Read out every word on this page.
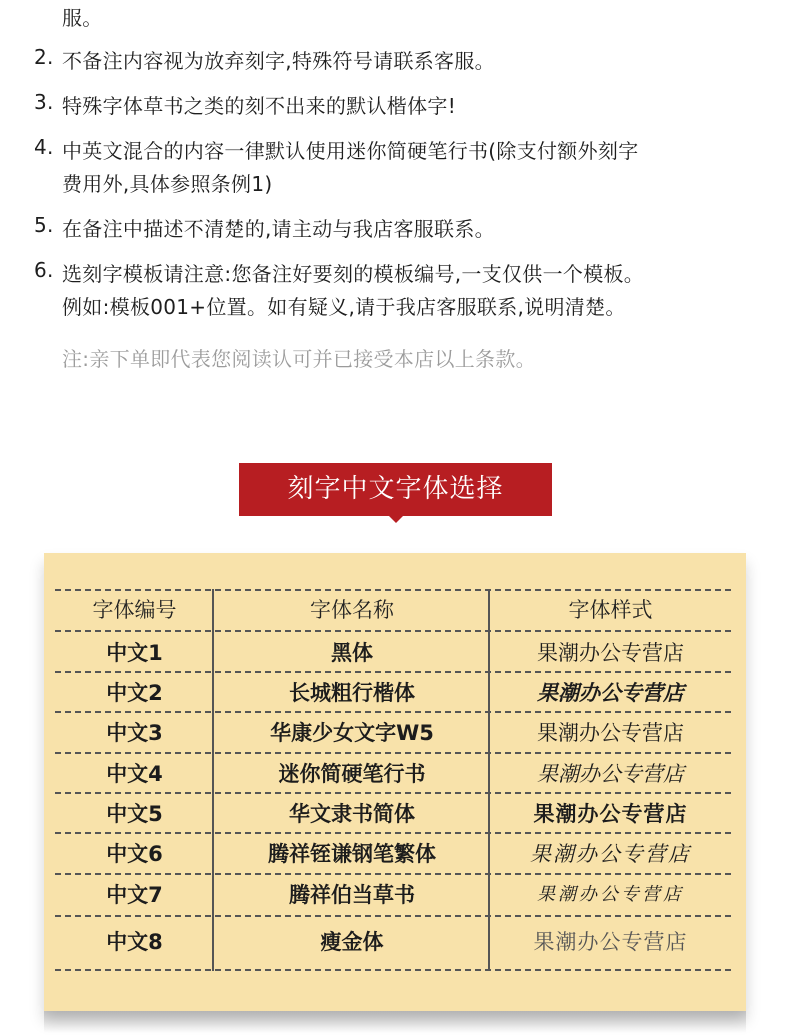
服。
2. 不备注内容视为放弃刻字,特殊符号请联系客服。
3. 特殊字体草书之类的刻不出来的默认楷体字!
4. 中英文混合的内容一律默认使用迷你简硬笔行书(除支付额外刻字
费用外,具体参照条例1)
5. 在备注中描述不清楚的,请主动与我店客服联系。
6. 选刻字模板请注意:您备注好要刻的模板编号,一支仅供一个模板。
例如:模板001+位置。如有疑义,请于我店客服联系,说明清楚。
注:亲下单即代表您阅读认可并已接受本店以上条款。
刻字中文字体选择
字体编号	字体名称	字体样式
中文1	黑体	果潮办公专营店
中文2	长城粗行楷体	果潮办公专营店
中文3	华康少女文字W5	果潮办公专营店
中文4	迷你简硬笔行书	果潮办公专营店
中文5	华文隶书简体	果潮办公专营店
中文6	腾祥铚谦钢笔繁体	果潮办公专营店
中文7	腾祥伯当草书	果潮办公专营店
中文8	瘦金体	果潮办公专营店
